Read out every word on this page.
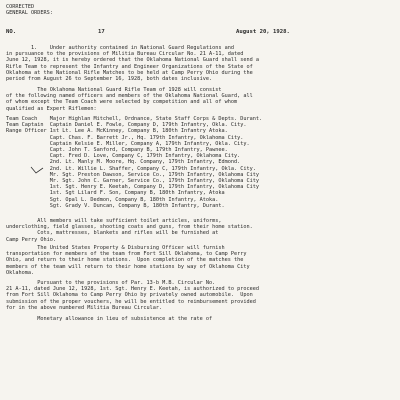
CORRECTED
GENERAL ORDERS:
NO.	17	August 20, 1928.
1.    Under authority contained in National Guard Regulations and
in pursuance to the provisions of Militia Bureau Circular No. 21 A-11, dated
June 12, 1928, it is hereby ordered that the Oklahoma National Guard shall send a
Rifle Team to represent the Infantry and Engineer Organizations of the State of
Oklahoma at the National Rifle Matches to be held at Camp Perry Ohio during the
period from August 26 to September 16, 1928, both dates inclusive.
The Oklahoma National Guard Rifle Team of 1928 will consist
of the following named officers and members of the Oklahoma National Guard, all
of whom except the Team Coach were selected by competition and all of whom
qualified as Expert Riflemen:
Team Coach    Major Highlan Mitchell, Ordnance, State Staff Corps & Depts. Durant.
Team Captain  Captain Daniel E. Fowle, Company D, 179th Infantry, Okla. City.
Range Officer 1st Lt. Lee A. McKinney, Company B, 180th Infantry Atoka.
Capt. Chas. F. Barrett Jr., Hq. 179th Infantry, Oklahoma City.
Captain Kelsie E. Miller, Company A, 179th Infantry, Okla. City.
Capt. John T. Sanford, Company B, 179th Infantry, Pawnee.
Capt. Fred D. Love, Company C, 179th Infantry, Oklahoma City.
2nd. Lt. Manly M. Moore, Hq. Company, 179th Infantry, Edmond.
2nd. Lt. Willie L. Shaffer, Company C, 179th Infantry, Okla. City.
Mr. Sgt. Preston Dawson, Service Co., 179th Infantry, Oklahoma City
Mr. Sgt. John C. Garner, Service Co., 179th Infantry, Oklahoma City
1st. Sgt. Henry E. Keetah, Company D, 179th Infantry, Oklahoma City
1st. Sgt Lilard F. Son, Company B, 180th Infantry, Atoka
Sgt. Opal L. Dedmon, Company B, 180th Infantry, Atoka.
Sgt. Grady V. Duncan, Company B, 180th Infantry, Durant.
All members will take sufficient toilet articles, uniforms,
underclothing, field glasses, shooting coats and guns, from their home station.
Cots, mattresses, blankets and rifles will be furnished at
Camp Perry Ohio.
The United States Property & Disbursing Officer will furnish
transportation for members of the team from Fort Sill Oklahoma, to Camp Perry
Ohio, and return to their home stations.  Upon completion of the matches the
members of the team will return to their home stations by way of Oklahoma City
Oklahoma.
Pursuant to the provisions of Par. 13-b M.B. Circular No.
21 A-11, dated June 12, 1928, 1st. Sgt. Henry E. Keetah, is authorized to proceed
from Fort Sill Oklahoma to Camp Perry Ohio by privately owned automobile.  Upon
submission of the proper vouchers, he will be entitled to reimbursement provided
for in the above numbered Militia Bureau Circular.
Monetary allowance in lieu of subsistence at the rate of
